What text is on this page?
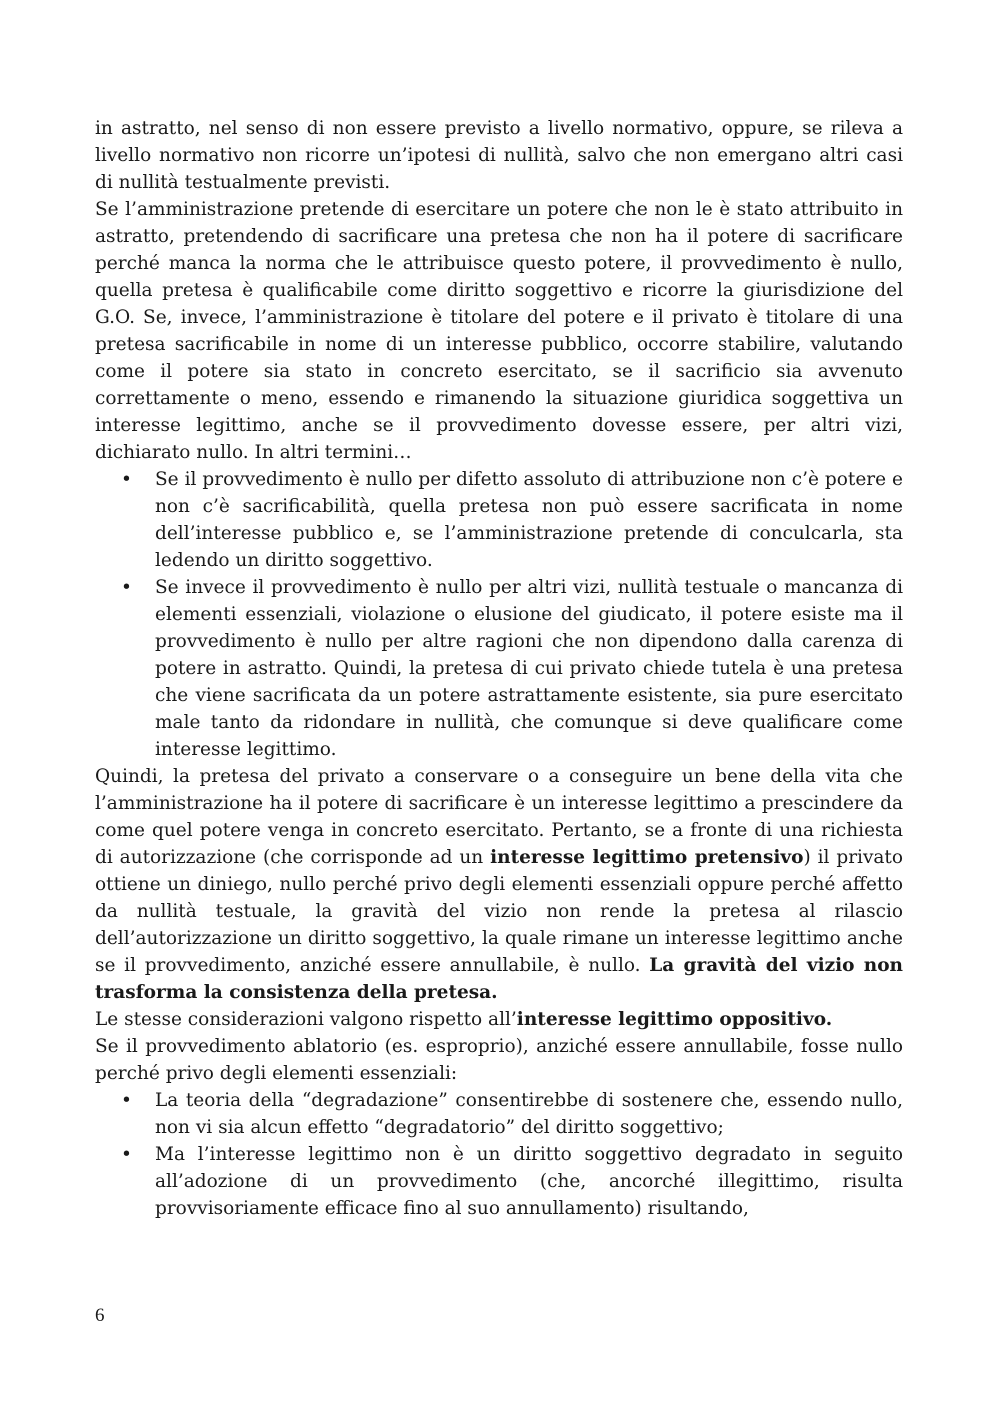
in astratto, nel senso di non essere previsto a livello normativo, oppure, se rileva a livello normativo non ricorre un’ipotesi di nullità, salvo che non emergano altri casi di nullità testualmente previsti.

Se l’amministrazione pretende di esercitare un potere che non le è stato attribuito in astratto, pretendendo di sacrificare una pretesa che non ha il potere di sacrificare perché manca la norma che le attribuisce questo potere, il provvedimento è nullo, quella pretesa è qualificabile come diritto soggettivo e ricorre la giurisdizione del G.O. Se, invece, l’amministrazione è titolare del potere e il privato è titolare di una pretesa sacrificabile in nome di un interesse pubblico, occorre stabilire, valutando come il potere sia stato in concreto esercitato, se il sacrificio sia avvenuto correttamente o meno, essendo e rimanendo la situazione giuridica soggettiva un interesse legittimo, anche se il provvedimento dovesse essere, per altri vizi, dichiarato nullo. In altri termini…

• Se il provvedimento è nullo per difetto assoluto di attribuzione non c’è potere e non c’è sacrificabilità, quella pretesa non può essere sacrificata in nome dell’interesse pubblico e, se l’amministrazione pretende di conculcarla, sta ledendo un diritto soggettivo.
• Se invece il provvedimento è nullo per altri vizi, nullità testuale o mancanza di elementi essenziali, violazione o elusione del giudicato, il potere esiste ma il provvedimento è nullo per altre ragioni che non dipendono dalla carenza di potere in astratto. Quindi, la pretesa di cui privato chiede tutela è una pretesa che viene sacrificata da un potere astrattamente esistente, sia pure esercitato male tanto da ridondare in nullità, che comunque si deve qualificare come interesse legittimo.

Quindi, la pretesa del privato a conservare o a conseguire un bene della vita che l’amministrazione ha il potere di sacrificare è un interesse legittimo a prescindere da come quel potere venga in concreto esercitato. Pertanto, se a fronte di una richiesta di autorizzazione (che corrisponde ad un interesse legittimo pretensivo) il privato ottiene un diniego, nullo perché privo degli elementi essenziali oppure perché affetto da nullità testuale, la gravità del vizio non rende la pretesa al rilascio dell’autorizzazione un diritto soggettivo, la quale rimane un interesse legittimo anche se il provvedimento, anziché essere annullabile, è nullo. La gravità del vizio non trasforma la consistenza della pretesa.

Le stesse considerazioni valgono rispetto all’interesse legittimo oppositivo.

Se il provvedimento ablatorio (es. esproprio), anziché essere annullabile, fosse nullo perché privo degli elementi essenziali:

• La teoria della “degradazione” consentirebbe di sostenere che, essendo nullo, non vi sia alcun effetto “degradatorio” del diritto soggettivo;
• Ma l’interesse legittimo non è un diritto soggettivo degradato in seguito all’adozione di un provvedimento (che, ancorché illegittimo, risulta provvisoriamente efficace fino al suo annullamento) risultando,
6
